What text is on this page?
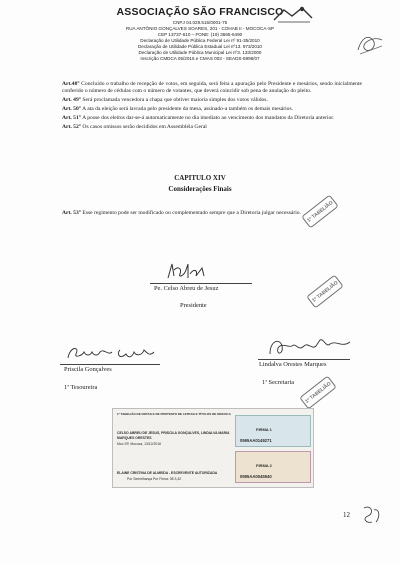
ASSOCIAÇÃO SÃO FRANCISCO
CNPJ 04.029.515/0001-75
RUA ANTÔNIO GONÇALVES SOARES, 201 - COHAB II - MOCOCA-SP
CEP 13737-610 – FONE: (19) 3665-6490
Declaração de Utilidade Pública Federal Lei nº 91-35/2010
Declaração de Utilidade Pública Estadual Lei nº13. 973/2010
Declaração de Utilidade Pública Municipal Lei nº3. 133/2000
Inscrição CMDCA 05/2016 e CMAS 003 - SEADS-5998/07
Art.48° Concluído o trabalho de recepção de votos, em seguida, será feita a apuração pelo Presidente e mesários, sendo inicialmente conferido o número de cédulas com o número de votantes, que deverá coincidir sob pena de anulação do pleito.
Art. 49° Será proclamada vencedora a chapa que obtiver maioria simples dos votos válidos.
Art. 50° A ata da eleição será lavrada pelo presidente da mesa, assinado-a também os demais mesários.
Art. 51° A posse dos eleitos dar-se-á automaticamente no dia imediato ao vencimento dos mandatos da Diretoria anterior.
Art. 52° Os casos omissos serão decididos em Assembléia Geral
CAPITULO XIV
Considerações Finais
Art. 53° Esse regimento pode ser modificado ou complementado sempre que a Diretoria julgar necessário. 1º TABELIÃO
1º TABELIÃO
1º TABELIÃO
Pe. Celso Abreu de Jesuz
Presidente
Priscila Gonçalves
1ª Tesoureira
Lindalva Orestes Marques
1ª Secretaria
1º TABELIÃO DE NOTAS E DE PROTESTO DE LETRAS E TÍTULOS DE MOCOCA
CELSO ABREU DE JESUS, PRISCILA GONÇALVES, LINDALVA MARIA
MARQUES ORESTES
Moc SP, Mococa, 13/12/2016
ELAINE CRISTINA DE ALMEIDA - ESCREVENTE AUTORIZADA
Por Semelhança Por Firma: 08 3,42
FIRMA 1
0595AA0149271
FIRMA 2
0595AA0045940
12
